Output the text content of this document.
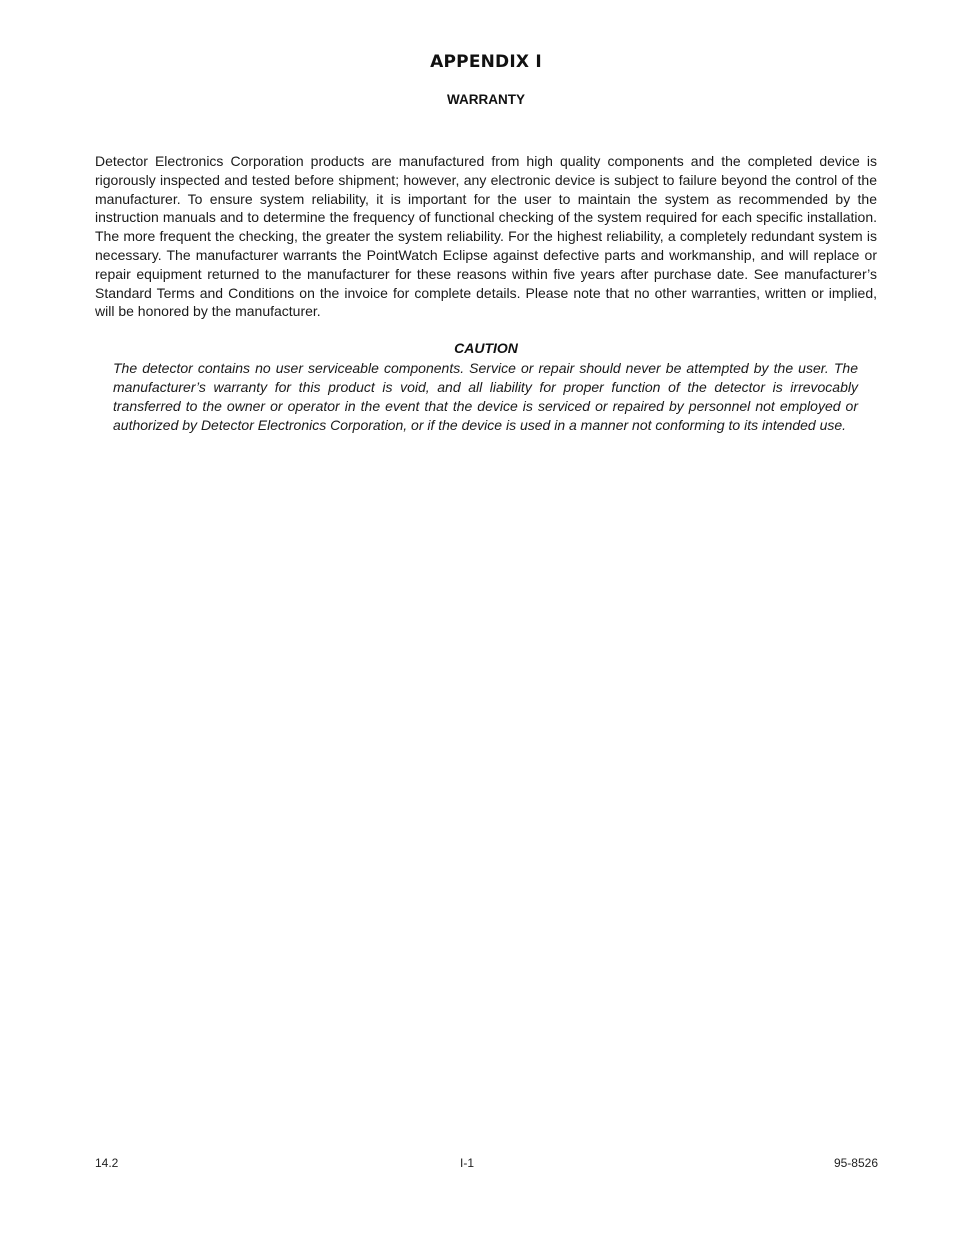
APPENDIX I
WARRANTY

Detector Electronics Corporation products are manufactured from high quality components and the completed device is rigorously inspected and tested before shipment; however, any electronic device is subject to failure beyond the control of the manufacturer. To ensure system reliability, it is important for the user to maintain the system as recommended by the instruction manuals and to determine the frequency of functional checking of the system required for each specific installation. The more frequent the checking, the greater the system reliability. For the highest reliability, a completely redundant system is necessary. The manufacturer warrants the PointWatch Eclipse against defective parts and workmanship, and will replace or repair equipment returned to the manufacturer for these reasons within five years after purchase date. See manufacturer’s Standard Terms and Conditions on the invoice for complete details. Please note that no other warranties, written or implied, will be honored by the manufacturer.

CAUTION

The detector contains no user serviceable components. Service or repair should never be attempted by the user. The manufacturer’s warranty for this product is void, and all liability for proper function of the detector is irrevocably transferred to the owner or operator in the event that the device is serviced or repaired by personnel not employed or authorized by Detector Electronics Corporation, or if the device is used in a manner not conforming to its intended use.

14.2	I-1	95-8526
